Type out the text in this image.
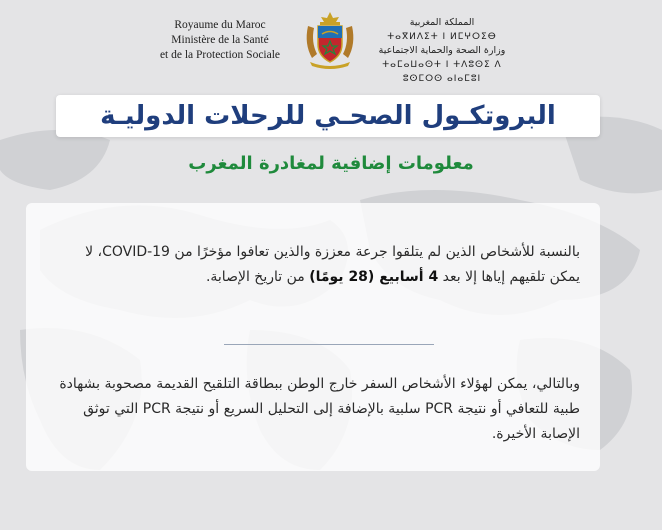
Royaume du Maroc
Ministère de la Santé
et de la Protection Sociale
المملكة المغربية
ⵜⴰⴳⵍⴷⵉⵜ ⵏ ⵍⵎⵖⵔⵉⴱ
وزارة الصحة والحماية الاجتماعية
ⵜⴰⵎⴰⵡⴰⵙⵜ ⵏ ⵜⴷⵓⵙⵉ ⴷ ⵓⵙⵎⵔⵙ ⴰⵏⴰⵎⵓⵏ
البروتكـول الصحـي للرحلات الدوليـة
معلومات إضافية لمغادرة المغرب
بالنسبة للأشخاص الذين لم يتلقوا جرعة معززة والذين تعافوا مؤخرًا من COVID-19، لا يمكن تلقيهم إياها إلا بعد 4 أسابيع (28 يومًا) من تاريخ الإصابة.
وبالتالي، يمكن لهؤلاء الأشخاص السفر خارج الوطن ببطاقة التلقيح القديمة مصحوبة بشهادة طبية للتعافي أو نتيجة PCR سلبية بالإضافة إلى التحليل السريع أو نتيجة PCR التي توثق الإصابة الأخيرة.
